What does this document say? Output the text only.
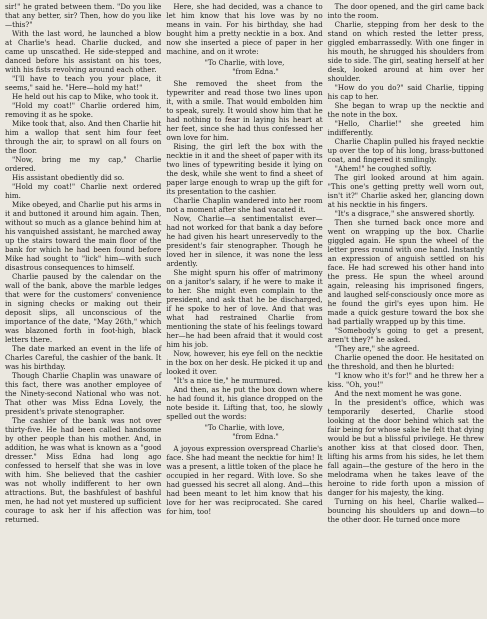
sir!" he grated between them. "Do you like that any better, sir? Then, how do you like—this?"

With the last word, he launched a blow at Charlie's head. Charlie ducked, and came up unscathed. He side-stepped and danced before his assistant on his toes, with his fists revolving around each other.

"I'll have to teach you your place, it seems," said he. "Here—hold my hat!"

He held out his cap to Mike, who took it.

"Hold my coat!" Charlie ordered him, removing it as he spoke.

Mike took that, also. And then Charlie hit him a wallop that sent him four feet through the air, to sprawl on all fours on the floor.

"Now, bring me my cap," Charlie ordered.

His assistant obediently did so.

"Hold my coat!" Charlie next ordered him.

Mike obeyed, and Charlie put his arms in it and buttoned it around him again. Then, without so much as a glance behind him at his vanquished assistant, he marched away up the stairs toward the main floor of the bank for which he had been found before Mike had sought to "lick" him—with such disastrous consequences to himself.

Charlie paused by the calendar on the wall of the bank, above the marble ledges that were for the customers' convenience in signing checks or making out their deposit slips, all unconscious of the importance of the date, "May 26th," which was blazoned forth in foot-high, black letters there.

The date marked an event in the life of Charles Careful, the cashier of the bank. It was his birthday.

Though Charlie Chaplin was unaware of this fact, there was another employee of the Ninety-second National who was not. That other was Miss Edna Lovely, the president's private stenographer.

The cashier of the bank was not over thirty-five. He had been called handsome by other people than his mother. And, in addition, he was what is known as a "good dresser." Miss Edna had long ago confessed to herself that she was in love with him. She believed that the cashier was not wholly indifferent to her own attractions. But, the bashfulest of bashful men, he had not yet mustered up sufficient courage to ask her if his affection was returned.

Here, she had decided, was a chance to let him know that his love was by no means in vain. For his birthday, she had bought him a pretty necktie in a box. And now she inserted a piece of paper in her machine, and on it wrote:

"To Charlie, with love,
"from Edna."

She removed the sheet from the typewriter and read those two lines upon it, with a smile. That would embolden him to speak, surely. It would show him that he had nothing to fear in laying his heart at her feet, since she had thus confessed her own love for him.

Rising, the girl left the box with the necktie in it and the sheet of paper with its two lines of typewriting beside it lying on the desk, while she went to find a sheet of paper large enough to wrap up the gift for its presentation to the cashier.

Charlie Chaplin wandered into her room not a moment after she had vacated it.

Now, Charlie—a sentimentalist ever—had not worked for that bank a day before he had given his heart unreservedly to the president's fair stenographer. Though he loved her in silence, it was none the less ardently.

She might spurn his offer of matrimony on a janitor's salary, if he were to make it to her. She might even complain to the president, and ask that he be discharged, if he spoke to her of love. And that was what had restrained Charlie from mentioning the state of his feelings toward her—he had been afraid that it would cost him his job.

Now, however, his eye fell on the necktie in the box on her desk. He picked it up and looked it over.

"It's a nice tie," he murmured.

And then, as he put the box down where he had found it, his glance dropped on the note beside it. Lifting that, too, he slowly spelled out the words:

"To Charlie, with love,
"from Edna."

A joyous expression overspread Charlie's face. She had meant the necktie for him! It was a present, a little token of the place he occupied in her regard. With love. So she had guessed his secret all along. And—this had been meant to let him know that his love for her was reciprocated. She cared for him, too!

The door opened, and the girl came back into the room.

Charlie, stepping from her desk to the stand on which rested the letter press, giggled embarrassedly. With one finger in his mouth, he shrugged his shoulders from side to side. The girl, seating herself at her desk, looked around at him over her shoulder.

"How do you do?" said Charlie, tipping his cap to her.

She began to wrap up the necktie and the note in the box.

"Hello, Charlie!" she greeted him indifferently.

Charlie Chaplin pulled his frayed necktie up over the top of his long, brass-buttoned coat, and fingered it smilingly.

"Ahem!" he coughed softly.

The girl looked around at him again. "This one's getting pretty well worn out, isn't it?" Charlie asked her, glancing down at his necktie in his fingers.

"It's a disgrace," she answered shortly.

Then she turned back once more and went on wrapping up the box. Charlie giggled again. He spun the wheel of the letter press round with one hand. Instantly an expression of anguish settled on his face. He had screwed his other hand into the press. He spun the wheel around again, releasing his imprisoned fingers, and laughed self-consciously once more as he found the girl's eyes upon him. He made a quick gesture toward the box she had partially wrapped up by this time.

"Somebody's going to get a present, aren't they?" he asked.

"They are," she agreed.

Charlie opened the door. He hesitated on the threshold, and then he blurted:

"I know who it's for!" and he threw her a kiss. "Oh, you!"

And the next moment he was gone.

In the president's office, which was temporarily deserted, Charlie stood looking at the door behind which sat the fair being for whose sake he felt that dying would be but a blissful privilege. He threw another kiss at that closed door. Then, lifting his arms from his sides, he let them fall again—the gesture of the hero in the melodrama when he takes leave of the heroine to ride forth upon a mission of danger for his majesty, the king.

Turning on his heel, Charlie walked—bouncing his shoulders up and down—to the other door. He turned once more
